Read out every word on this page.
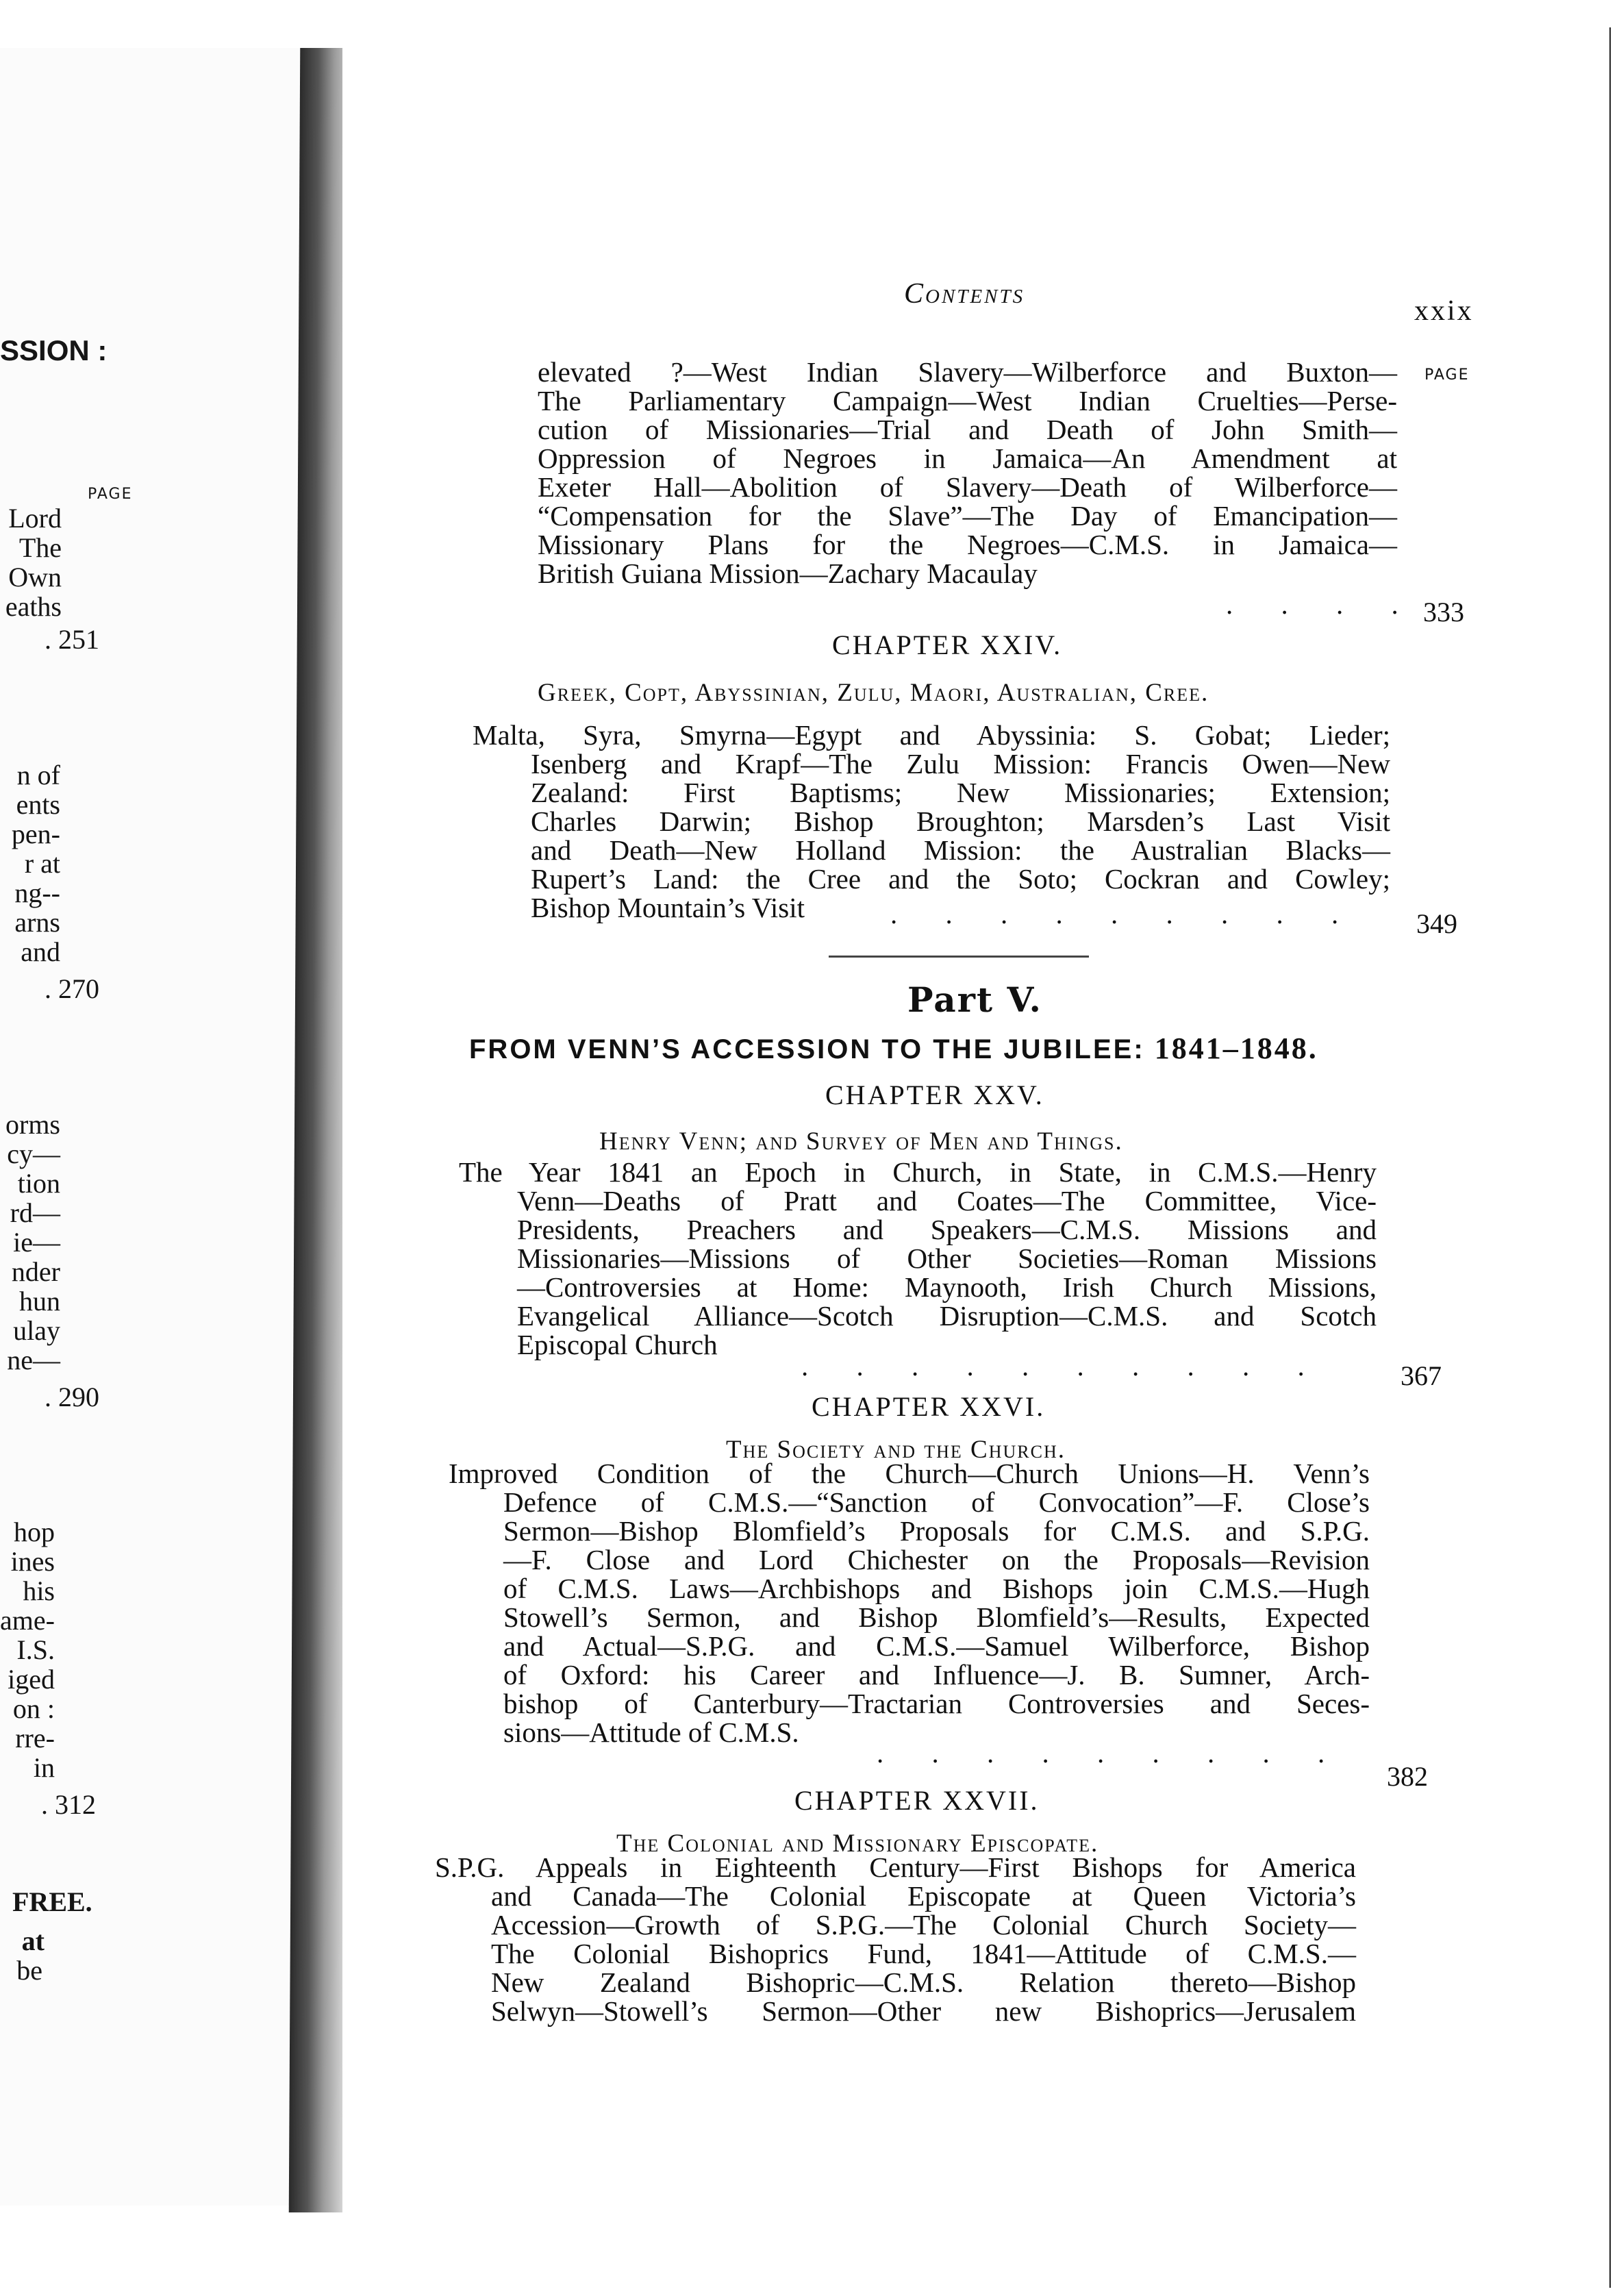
SSION :
PAGE
Lord
The
Own
eaths
. 251
n of
ents
pen-
r at
ng--
arns
and
. 270
orms
cy—
tion
rd—
ie—
nder
hun
ulay
ne—
. 290
hop
ines
his
ame-
I.S.
iged
on :
rre-
in
. 312
FREE.
at
be
Contents
xxix
PAGE
elevated ?—West Indian Slavery—Wilberforce and Buxton—
The Parliamentary Campaign—West Indian Cruelties—Perse-
cution of Missionaries—Trial and Death of John Smith—
Oppression of Negroes in Jamaica—An Amendment at
Exeter Hall—Abolition of Slavery—Death of Wilberforce—
“Compensation for the Slave”—The Day of Emancipation—
Missionary Plans for the Negroes—C.M.S. in Jamaica—
British Guiana Mission—Zachary Macaulay
. . . . 333
CHAPTER XXIV.
Greek, Copt, Abyssinian, Zulu, Maori, Australian, Cree.
Malta, Syra, Smyrna—Egypt and Abyssinia: S. Gobat; Lieder;
Isenberg and Krapf—The Zulu Mission: Francis Owen—New
Zealand: First Baptisms; New Missionaries; Extension;
Charles Darwin; Bishop Broughton; Marsden’s Last Visit
and Death—New Holland Mission: the Australian Blacks—
Rupert’s Land: the Cree and the Soto; Cockran and Cowley;
Bishop Mountain’s Visit	. . . . . . . . . 349
Part V.
FROM VENN’S ACCESSION TO THE JUBILEE: 1841–1848.
CHAPTER XXV.
Henry Venn; and Survey of Men and Things.
The Year 1841 an Epoch in Church, in State, in C.M.S.—Henry
Venn—Deaths of Pratt and Coates—The Committee, Vice-
Presidents, Preachers and Speakers—C.M.S. Missions and
Missionaries—Missions of Other Societies—Roman Missions
—Controversies at Home: Maynooth, Irish Church Missions,
Evangelical Alliance—Scotch Disruption—C.M.S. and Scotch
Episcopal Church
. . . . . . . . . .	367
CHAPTER XXVI.
The Society and the Church.
Improved Condition of the Church—Church Unions—H. Venn’s
Defence of C.M.S.—“Sanction of Convocation”—F. Close’s
Sermon—Bishop Blomfield’s Proposals for C.M.S. and S.P.G.
—F. Close and Lord Chichester on the Proposals—Revision
of C.M.S. Laws—Archbishops and Bishops join C.M.S.—Hugh
Stowell’s Sermon, and Bishop Blomfield’s—Results, Expected
and Actual—S.P.G. and C.M.S.—Samuel Wilberforce, Bishop
of Oxford: his Career and Influence—J. B. Sumner, Arch-
bishop of Canterbury—Tractarian Controversies and Seces-
sions—Attitude of C.M.S.
. . . . . . . . .
382
CHAPTER XXVII.
The Colonial and Missionary Episcopate.
S.P.G. Appeals in Eighteenth Century—First Bishops for America
and Canada—The Colonial Episcopate at Queen Victoria’s
Accession—Growth of S.P.G.—The Colonial Church Society—
The Colonial Bishoprics Fund, 1841—Attitude of C.M.S.—
New Zealand Bishopric—C.M.S. Relation thereto—Bishop
Selwyn—Stowell’s Sermon—Other new Bishoprics—Jerusalem
